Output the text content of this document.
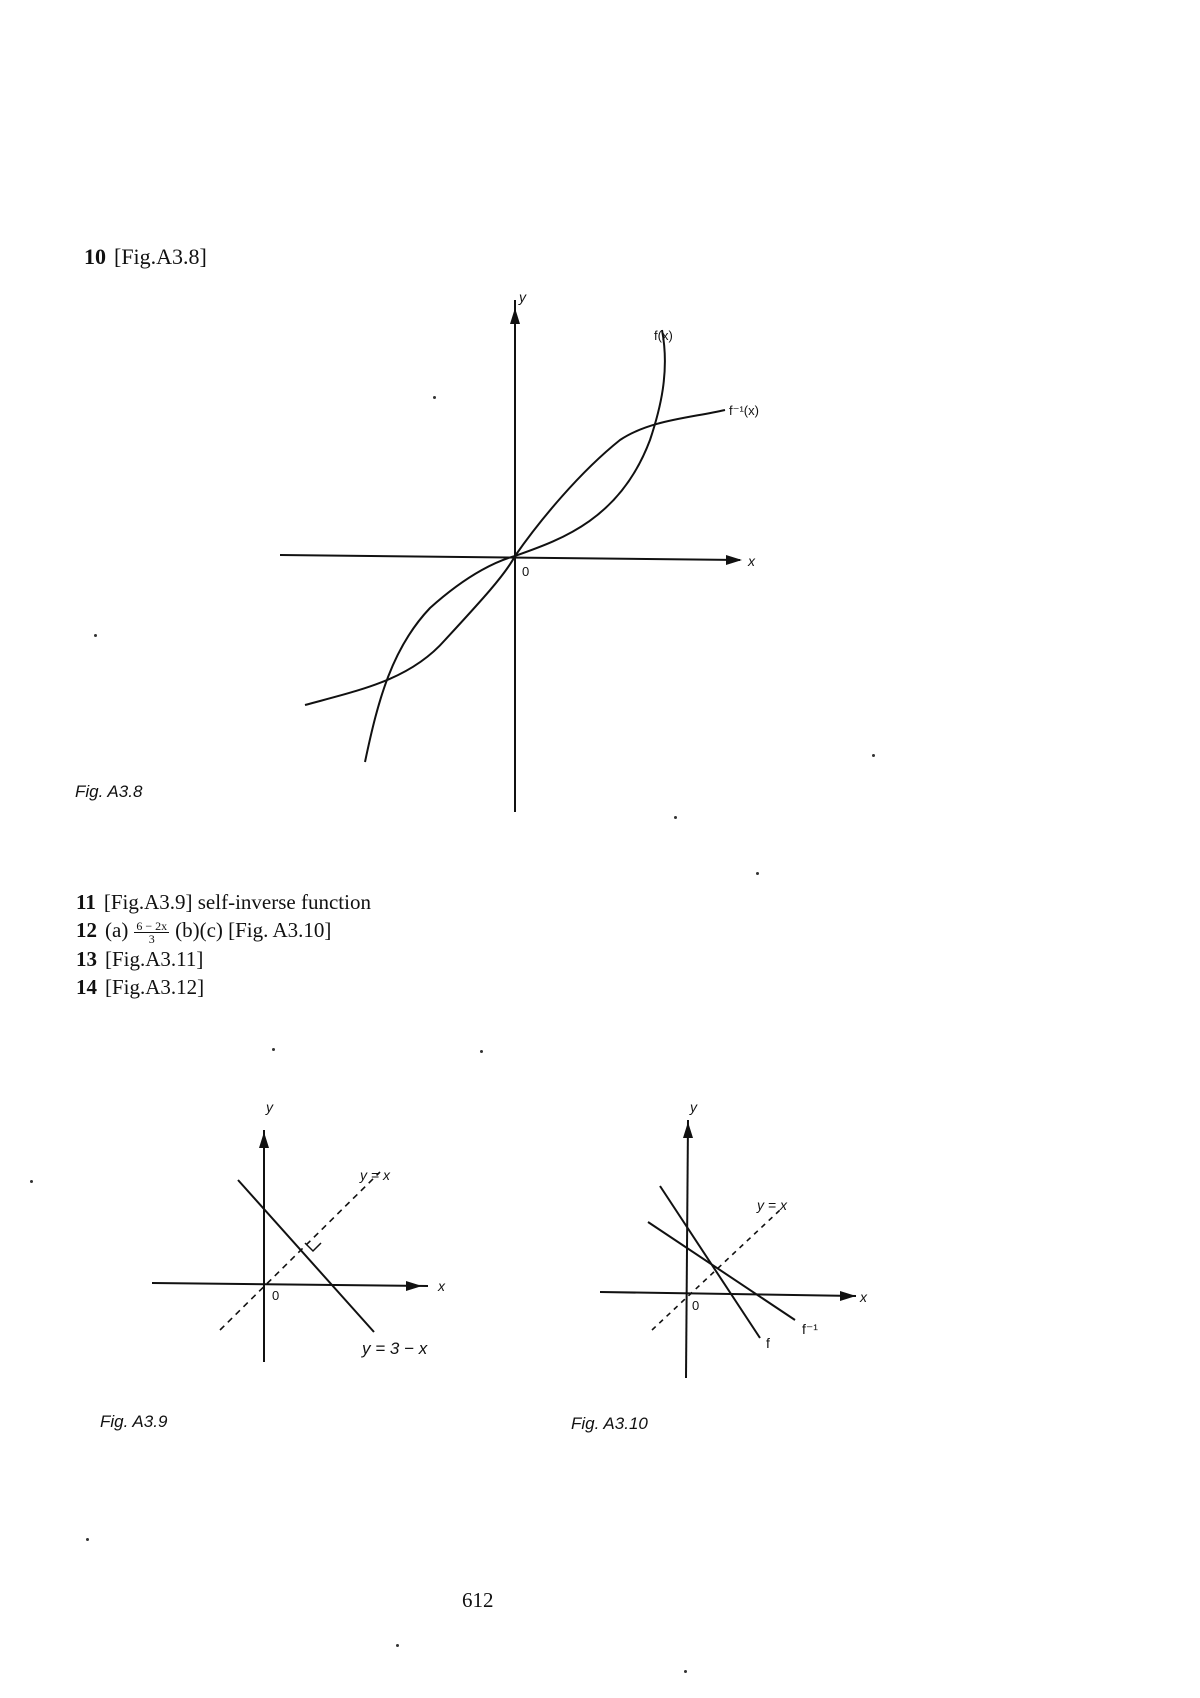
10 [Fig.A3.8]
y
x
0
f(x)
f⁻¹(x)
Fig. A3.8
11 [Fig.A3.9] self-inverse function
12 $(a) \frac{6 - 2x}{3} (b)(c)$ [Fig. A3.10]
13 [Fig.A3.11]
14 [Fig.A3.12]
y
x
0
y = x
y = 3 − x
Fig. A3.9
y
x
0
y = x
f
f⁻¹
Fig. A3.10
612
